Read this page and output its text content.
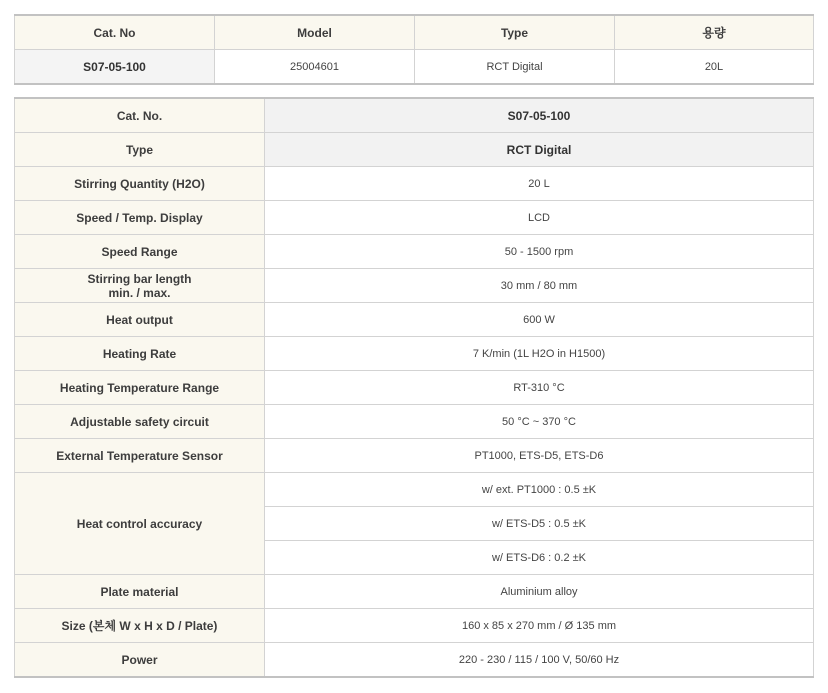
Cat. No	Model	Type	용량
S07-05-100	25004601	RCT Digital	20L
Cat. No.	S07-05-100
Type	RCT Digital
Stirring Quantity (H2O)	20 L
Speed / Temp. Display	LCD
Speed Range	50 - 1500 rpm
Stirring bar length
min. / max.	30 mm / 80 mm
Heat output	600 W
Heating Rate	7 K/min (1L H2O in H1500)
Heating Temperature Range	RT-310 °C
Adjustable safety circuit	50 °C ~ 370 °C
External Temperature Sensor	PT1000, ETS-D5, ETS-D6
Heat control accuracy	w/ ext. PT1000 : 0.5 ±K
	w/ ETS-D5 : 0.5 ±K
	w/ ETS-D6 : 0.2 ±K
Plate material	Aluminium alloy
Size (본체 W x H x D / Plate)	160 x 85 x 270 mm / Ø 135 mm
Power	220 - 230 / 115 / 100 V, 50/60 Hz
